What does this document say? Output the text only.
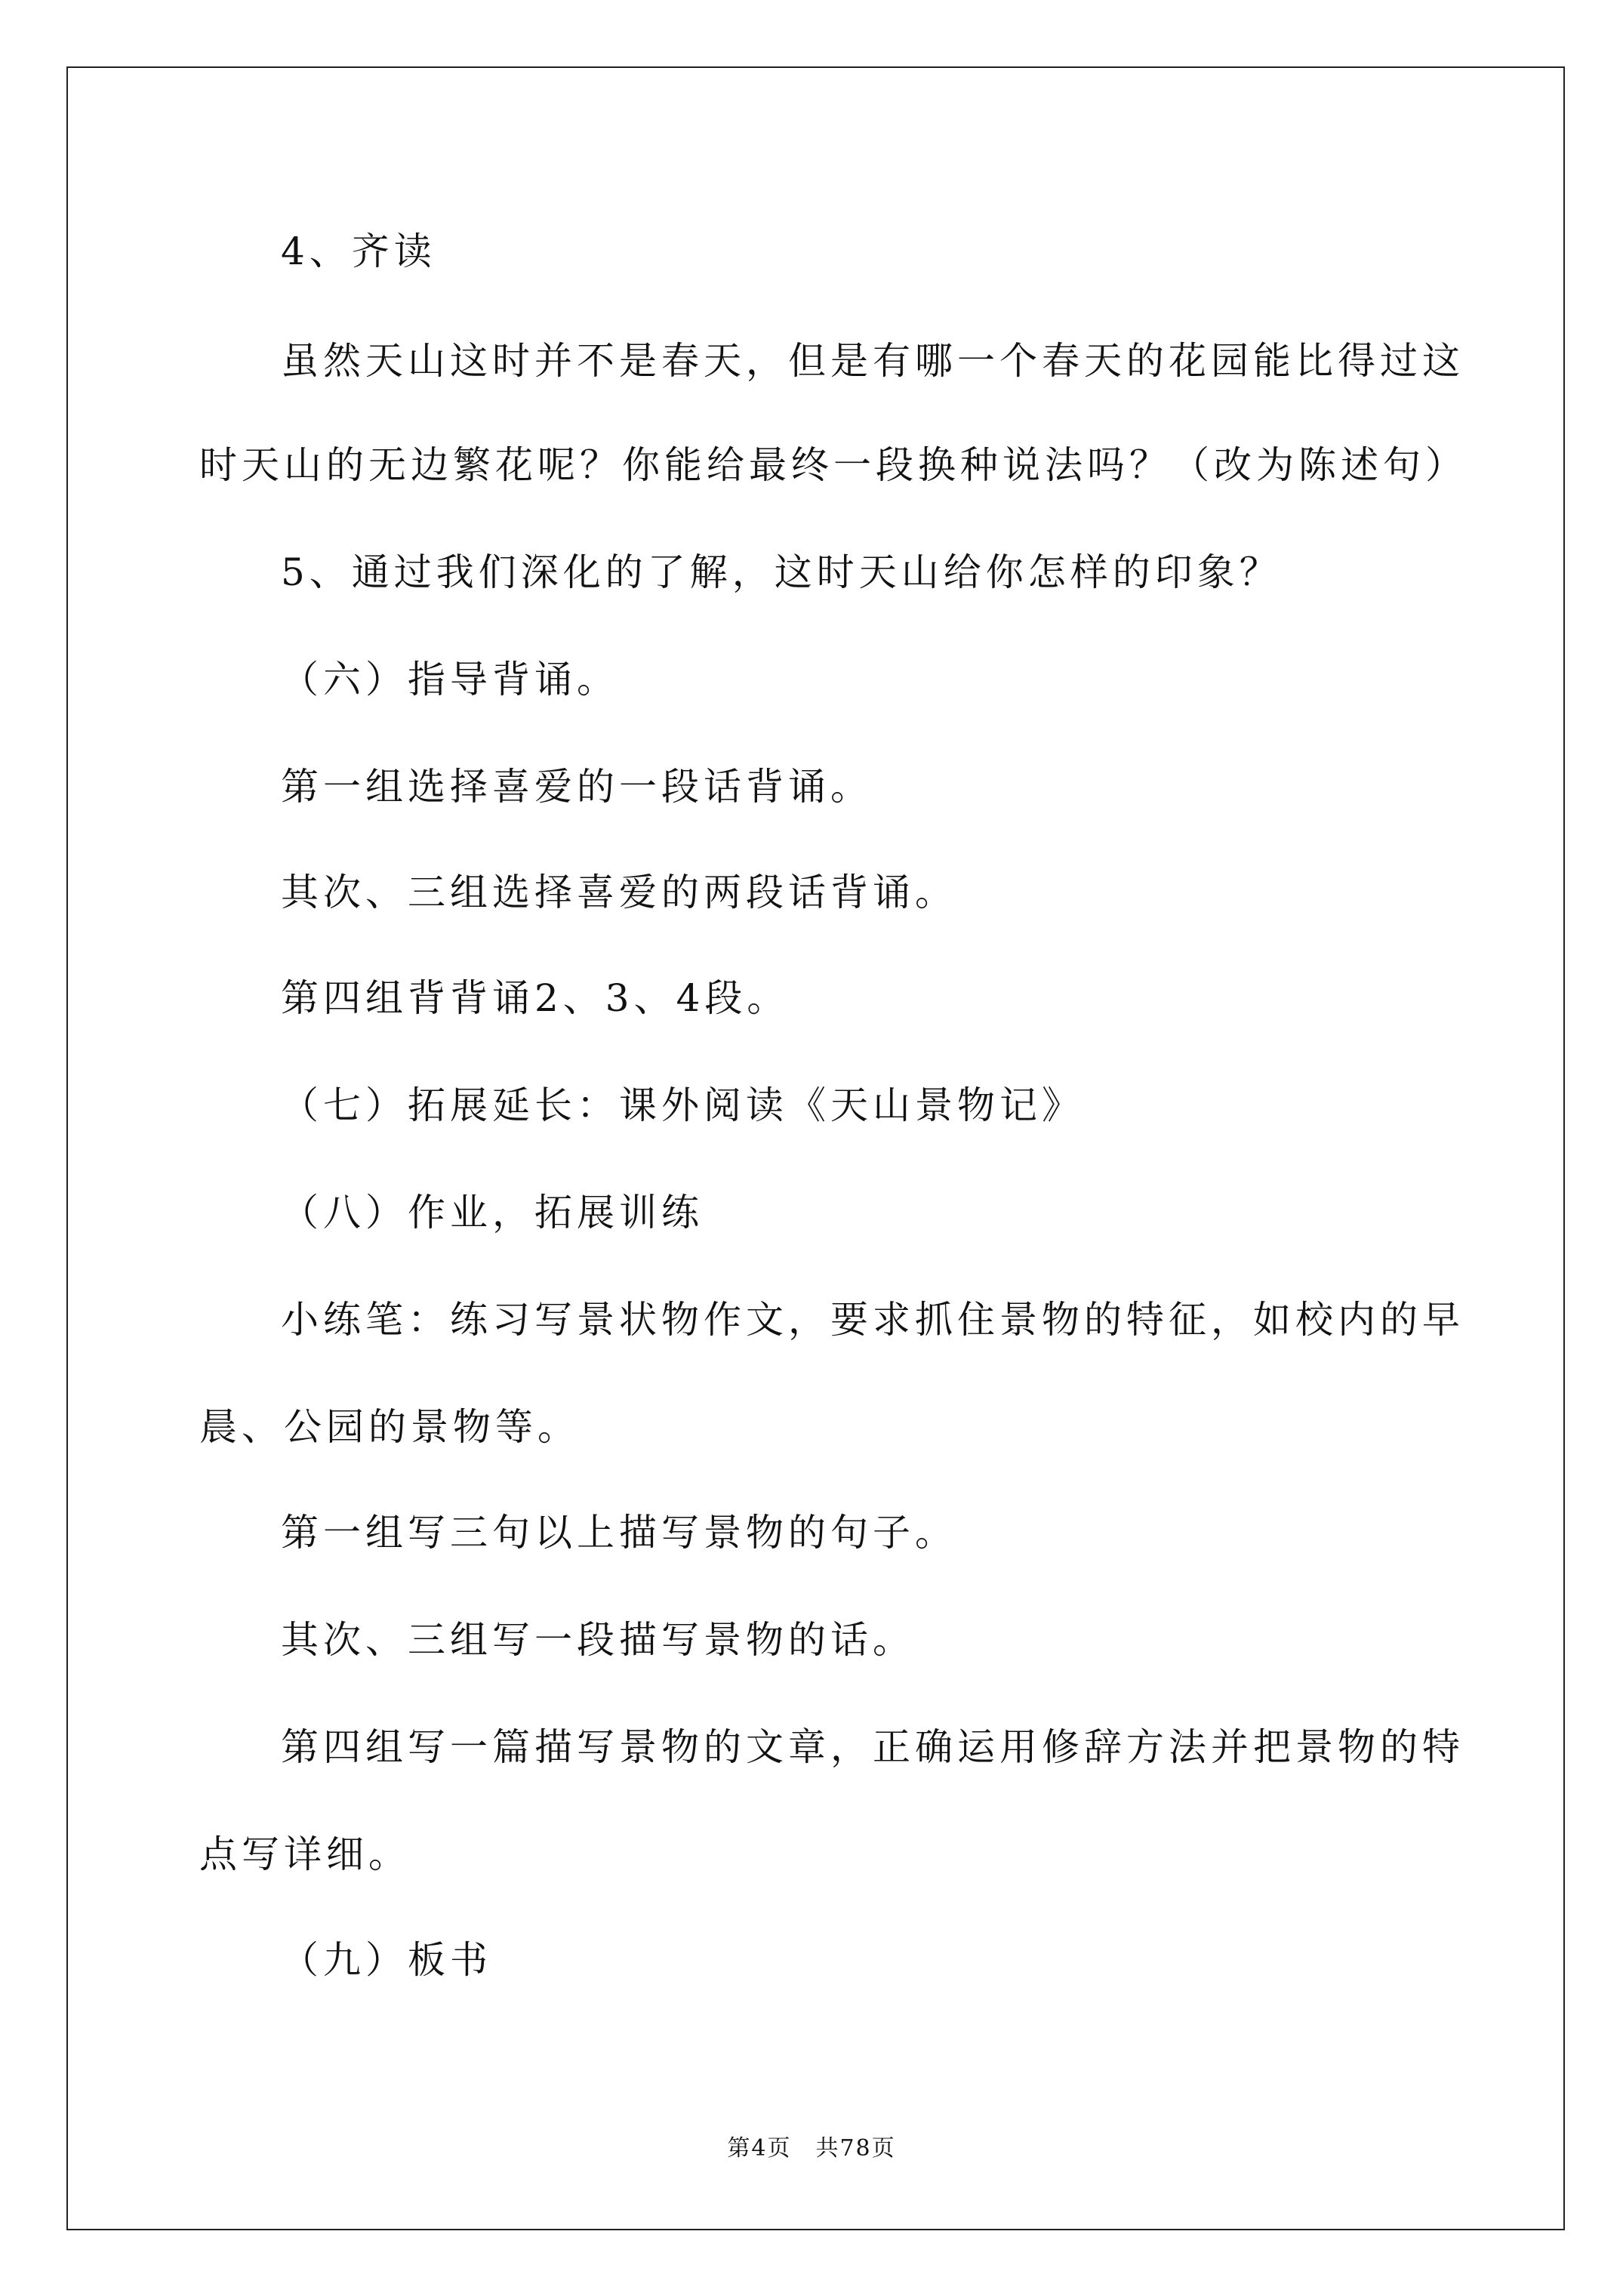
4、齐读

虽然天山这时并不是春天，但是有哪一个春天的花园能比得过这

时天山的无边繁花呢？你能给最终一段换种说法吗？（改为陈述句）

5、通过我们深化的了解，这时天山给你怎样的印象？

（六）指导背诵。

第一组选择喜爱的一段话背诵。

其次、三组选择喜爱的两段话背诵。

第四组背背诵2、3、4段。

（七）拓展延长：课外阅读《天山景物记》

（八）作业，拓展训练

小练笔：练习写景状物作文，要求抓住景物的特征，如校内的早

晨、公园的景物等。

第一组写三句以上描写景物的句子。

其次、三组写一段描写景物的话。

第四组写一篇描写景物的文章，正确运用修辞方法并把景物的特

点写详细。

（九）板书

第4页　共78页
